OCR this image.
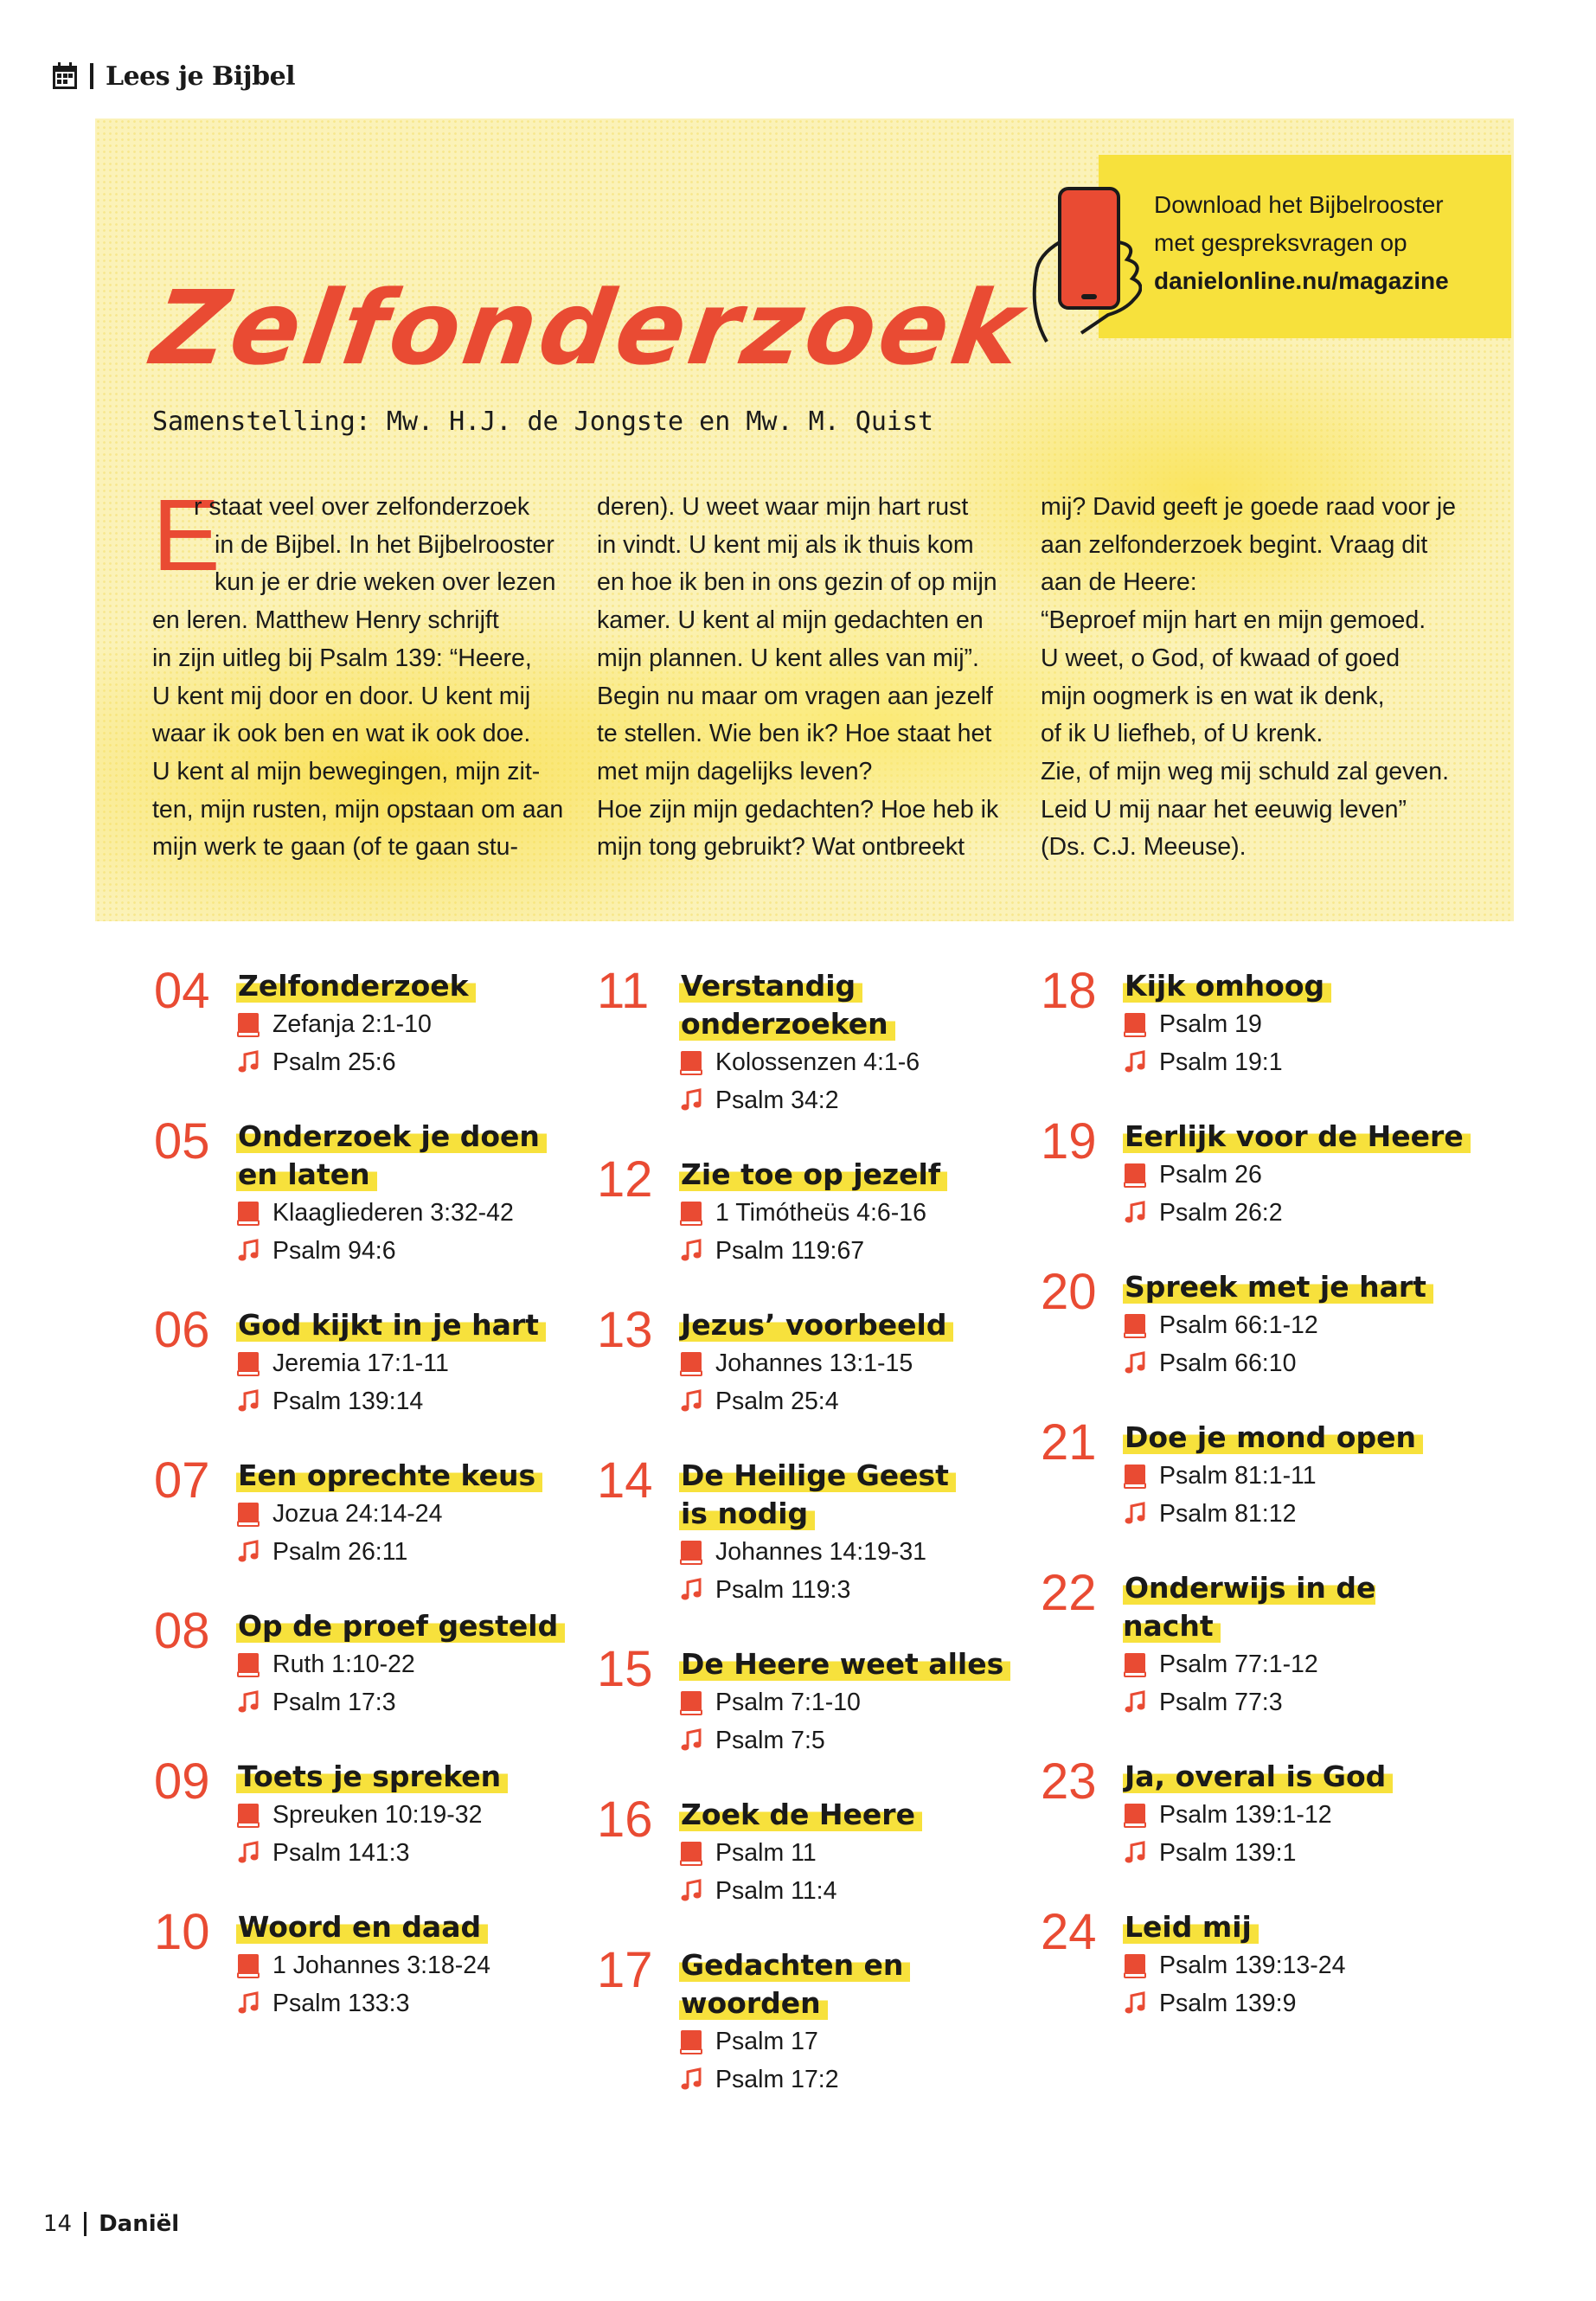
Lees je Bijbel
Download het Bijbelrooster
met gespreksvragen op
danielonline.nu/magazine
Zelfonderzoek
Samenstelling: Mw. H.J. de Jongste en Mw. M. Quist
E
r staat veel over zelfonderzoek
in de Bijbel. In het Bijbelrooster
kun je er drie weken over lezen
en leren. Matthew Henry schrijft
in zijn uitleg bij Psalm 139: “Heere,
U kent mij door en door. U kent mij
waar ik ook ben en wat ik ook doe.
U kent al mijn bewegingen, mijn zit-
ten, mijn rusten, mijn opstaan om aan
mijn werk te gaan (of te gaan stu-
deren). U weet waar mijn hart rust
in vindt. U kent mij als ik thuis kom
en hoe ik ben in ons gezin of op mijn
kamer. U kent al mijn gedachten en
mijn plannen. U kent alles van mij”.
Begin nu maar om vragen aan jezelf
te stellen. Wie ben ik? Hoe staat het
met mijn dagelijks leven?
Hoe zijn mijn gedachten? Hoe heb ik
mijn tong gebruikt? Wat ontbreekt
mij? David geeft je goede raad voor je
aan zelfonderzoek begint. Vraag dit
aan de Heere:
“Beproef mijn hart en mijn gemoed.
U weet, o God, of kwaad of goed
mijn oogmerk is en wat ik denk,
of ik U liefheb, of U krenk.
Zie, of mijn weg mij schuld zal geven.
Leid U mij naar het eeuwig leven”
(Ds. C.J. Meeuse).
04 Zelfonderzoek
Zefanja 2:1-10
Psalm 25:6
05 Onderzoek je doen
en laten
Klaagliederen 3:32-42
Psalm 94:6
06 God kijkt in je hart
Jeremia 17:1-11
Psalm 139:14
07 Een oprechte keus
Jozua 24:14-24
Psalm 26:11
08 Op de proef gesteld
Ruth 1:10-22
Psalm 17:3
09 Toets je spreken
Spreuken 10:19-32
Psalm 141:3
10 Woord en daad
1 Johannes 3:18-24
Psalm 133:3
11 Verstandig
onderzoeken
Kolossenzen 4:1-6
Psalm 34:2
12 Zie toe op jezelf
1 Timótheüs 4:6-16
Psalm 119:67
13 Jezus’ voorbeeld
Johannes 13:1-15
Psalm 25:4
14 De Heilige Geest
is nodig
Johannes 14:19-31
Psalm 119:3
15 De Heere weet alles
Psalm 7:1-10
Psalm 7:5
16 Zoek de Heere
Psalm 11
Psalm 11:4
17 Gedachten en
woorden
Psalm 17
Psalm 17:2
18 Kijk omhoog
Psalm 19
Psalm 19:1
19 Eerlijk voor de Heere
Psalm 26
Psalm 26:2
20 Spreek met je hart
Psalm 66:1-12
Psalm 66:10
21 Doe je mond open
Psalm 81:1-11
Psalm 81:12
22 Onderwijs in de nacht
Psalm 77:1-12
Psalm 77:3
23 Ja, overal is God
Psalm 139:1-12
Psalm 139:1
24 Leid mij
Psalm 139:13-24
Psalm 139:9
14 Daniël
